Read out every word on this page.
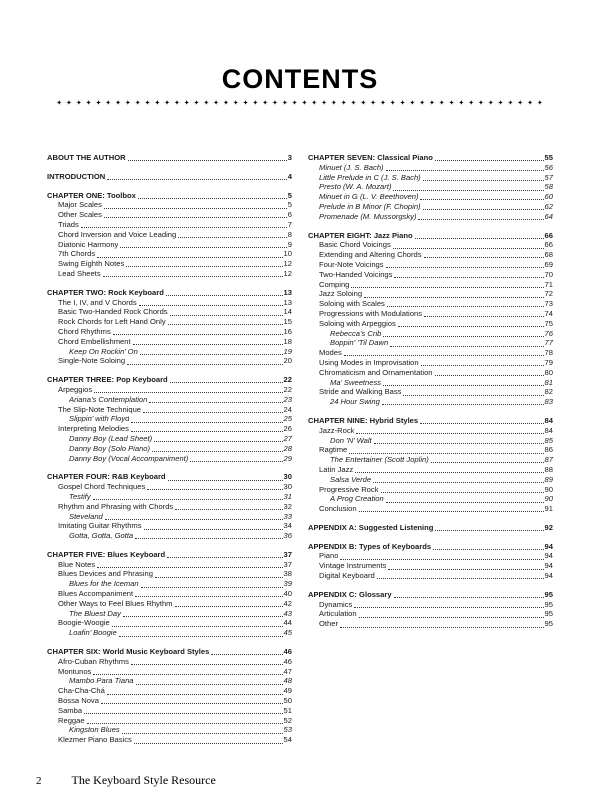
CONTENTS
✦ ✦ ✦ ✦ ✦ ✦ ✦ ✦ ✦ ✦ ✦ ✦ ✦ ✦ ✦ ✦ ✦ ✦ ✦ ✦ ✦ ✦ ✦ ✦ ✦ ✦ ✦ ✦ ✦ ✦ ✦ ✦ ✦ ✦ ✦ ✦ ✦ ✦ ✦ ✦ ✦ ✦ ✦ ✦ ✦ ✦ ✦ ✦ ✦ ✦
ABOUT THE AUTHOR	3
INTRODUCTION	4
CHAPTER ONE: Toolbox	5
Major Scales	5
Other Scales	6
Triads	7
Chord Inversion and Voice Leading	8
Diatonic Harmony	9
7th Chords	10
Swing Eighth Notes	12
Lead Sheets	12
CHAPTER TWO: Rock Keyboard	13
The I, IV, and V Chords	13
Basic Two-Handed Rock Chords	14
Rock Chords for Left Hand Only	15
Chord Rhythms	16
Chord Embellishment	18
Keep On Rockin’ On	19
Single-Note Soloing	20
CHAPTER THREE: Pop Keyboard	22
Arpeggios	22
Ariana’s Contemplation	23
The Slip-Note Technique	24
Slippin’ with Floyd	25
Interpreting Melodies	26
Danny Boy (Lead Sheet)	27
Danny Boy (Solo Piano)	28
Danny Boy (Vocal Accompaniment)	29
CHAPTER FOUR: R&B Keyboard	30
Gospel Chord Techniques	30
Testify	31
Rhythm and Phrasing with Chords	32
Steveland	33
Imitating Guitar Rhythms	34
Gotta, Gotta, Gotta	36
CHAPTER FIVE: Blues Keyboard	37
Blue Notes	37
Blues Devices and Phrasing	38
Blues for the Iceman	39
Blues Accompaniment	40
Other Ways to Feel Blues Rhythm	42
The Bluest Day	43
Boogie-Woogie	44
Loafin’ Boogie	45
CHAPTER SIX: World Music Keyboard Styles	46
Afro-Cuban Rhythms	46
Montunos	47
Mambo Para Tiana	48
Cha-Cha-Chá	49
Bossa Nova	50
Samba	51
Reggae	52
Kingston Blues	53
Klezmer Piano Basics	54
CHAPTER SEVEN: Classical Piano	55
Minuet (J. S. Bach)	56
Little Prelude in C (J. S. Bach)	57
Presto (W. A. Mozart)	58
Minuet in G (L. V. Beethoven)	60
Prelude in B Minor (F. Chopin)	62
Promenade (M. Mussorgsky)	64
CHAPTER EIGHT: Jazz Piano	66
Basic Chord Voicings	66
Extending and Altering Chords	68
Four-Note Voicings	69
Two-Handed Voicings	70
Comping	71
Jazz Soloing	72
Soloing with Scales	73
Progressions with Modulations	74
Soloing with Arpeggios	75
Rebecca’s Crib	76
Boppin’ ’Til Dawn	77
Modes	78
Using Modes in Improvisation	79
Chromaticism and Ornamentation	80
Ma’ Sweetness	81
Stride and Walking Bass	82
24 Hour Swing	83
CHAPTER NINE: Hybrid Styles	84
Jazz-Rock	84
Don ’N’ Walt	85
Ragtime	86
The Entertainer (Scott Joplin)	87
Latin Jazz	88
Salsa Verde	89
Progressive Rock	90
A Prog Creation	90
Conclusion	91
APPENDIX A: Suggested Listening	92
APPENDIX B: Types of Keyboards	94
Piano	94
Vintage Instruments	94
Digital Keyboard	94
APPENDIX C: Glossary	95
Dynamics	95
Articulation	95
Other	95
2	The Keyboard Style Resource
